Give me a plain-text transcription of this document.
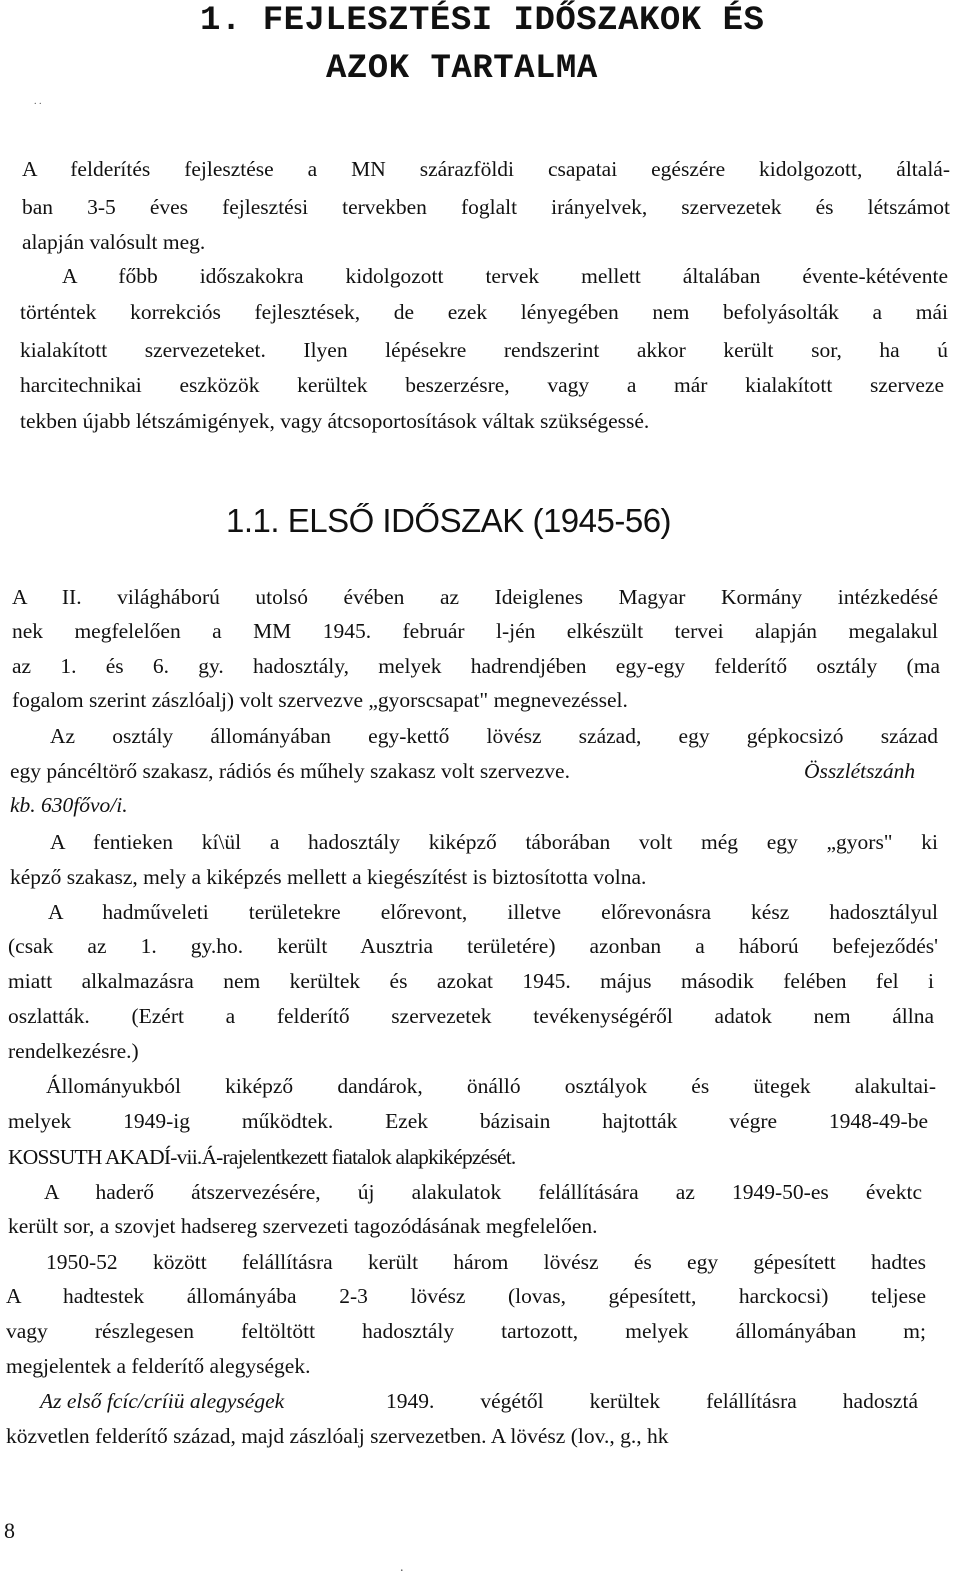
1. FEJLESZTÉSI IDŐSZAKOK ÉS
AZOK TARTALMA
. .
A felderítés fejlesztése a MN szárazföldi csapatai egészére kidolgozott, általá-
ban 3-5 éves fejlesztési tervekben foglalt irányelvek, szervezetek és létszámot
alapján valósult meg.
A főbb időszakokra kidolgozott tervek mellett általában évente-kétévente
történtek korrekciós fejlesztések, de ezek lényegében nem befolyásolták a mái
kialakított szervezeteket. Ilyen lépésekre rendszerint akkor került sor, ha ú
harcitechnikai eszközök kerültek beszerzésre, vagy a már kialakított szerveze
tekben újabb létszámigények, vagy átcsoportosítások váltak szükségessé.
1.1. ELSŐ IDŐSZAK (1945-56)
A II. világháború utolsó évében az Ideiglenes Magyar Kormány intézkedésé
nek megfelelően a MM 1945. február l-jén elkészült tervei alapján megalakul
az 1. és 6. gy. hadosztály, melyek hadrendjében egy-egy felderítő osztály (ma
fogalom szerint zászlóalj) volt szervezve „gyorscsapat" megnevezéssel.
Az osztály állományában egy-kettő lövész század, egy gépkocsizó század
egy páncéltörő szakasz, rádiós és műhely szakasz volt szervezve.	Összlétszánh
kb. 630fővo/i.
A fentieken kí\ül a hadosztály kiképző táborában volt még egy „gyors" ki
képző szakasz, mely a kiképzés mellett a kiegészítést is biztosította volna.
A hadműveleti területekre előrevont, illetve előrevonásra kész hadosztályul
(csak az 1. gy.ho. került Ausztria területére) azonban a háború befejeződés'
miatt alkalmazásra nem kerültek és azokat 1945. május második felében fel i
oszlatták. (Ezért a felderítő szervezetek tevékenységéről adatok nem állna
rendelkezésre.)
Állományukból kiképző dandárok, önálló osztályok és ütegek alakultai-
melyek 1949-ig működtek. Ezek bázisain hajtották végre 1948-49-be
KOSSUTH AKADÍ-vii.Á-rajelentkezett fiatalok alapkiképzését.
A haderő átszervezésére, új alakulatok felállítására az 1949-50-es évektc
került sor, a szovjet hadsereg szervezeti tagozódásának megfelelően.
1950-52 között felállításra került három lövész és egy gépesített hadtes
A hadtestek állományába 2-3 lövész (lovas, gépesített, harckocsi) teljese
vagy részlegesen feltöltött hadosztály tartozott, melyek állományában m;
megjelentek a felderítő alegységek.
Az első fcíc/críiü alegységek	1949. végétől kerültek felállításra hadosztá
közvetlen felderítő század, majd zászlóalj szervezetben. A lövész (lov., g., hk
.
8
